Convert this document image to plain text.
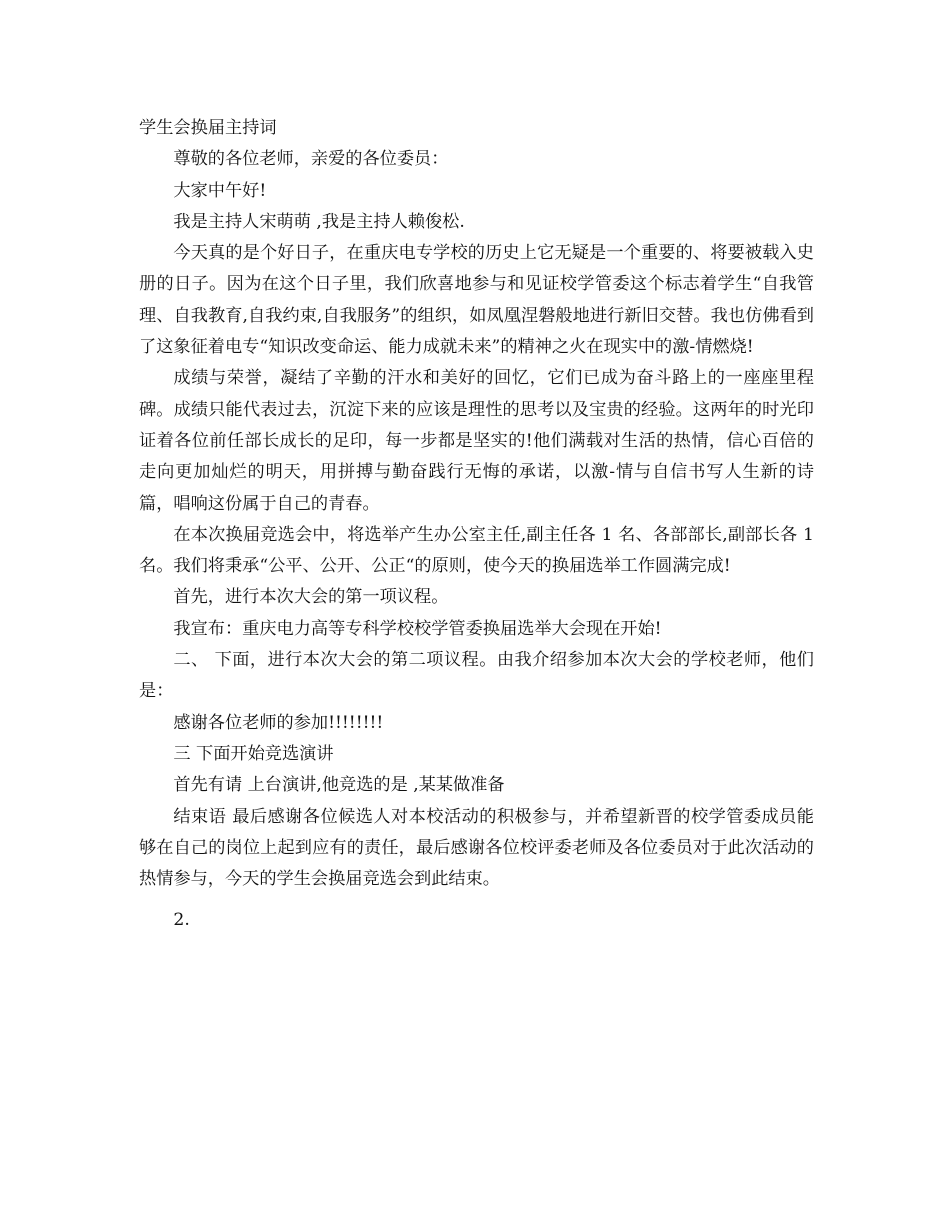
学生会换届主持词

尊敬的各位老师，亲爱的各位委员：

大家中午好!

我是主持人宋萌萌 ,我是主持人赖俊松.

今天真的是个好日子，在重庆电专学校的历史上它无疑是一个重要的、将要被载入史册的日子。因为在这个日子里，我们欣喜地参与和见证校学管委这个标志着学生“自我管理、自我教育,自我约束,自我服务”的组织，如凤凰涅磐般地进行新旧交替。我也仿佛看到了这象征着电专“知识改变命运、能力成就未来”的精神之火在现实中的激-情燃烧!

成绩与荣誉，凝结了辛勤的汗水和美好的回忆，它们已成为奋斗路上的一座座里程碑。成绩只能代表过去，沉淀下来的应该是理性的思考以及宝贵的经验。这两年的时光印证着各位前任部长成长的足印，每一步都是坚实的!他们满载对生活的热情，信心百倍的走向更加灿烂的明天，用拼搏与勤奋践行无悔的承诺，以激-情与自信书写人生新的诗篇，唱响这份属于自己的青春。

在本次换届竞选会中，将选举产生办公室主任,副主任各 1 名、各部部长,副部长各 1 名。我们将秉承“公平、公开、公正“的原则，使今天的换届选举工作圆满完成!

首先，进行本次大会的第一项议程。

我宣布：重庆电力高等专科学校校学管委换届选举大会现在开始!

二、 下面，进行本次大会的第二项议程。由我介绍参加本次大会的学校老师，他们是：

感谢各位老师的参加!!!!!!!!

三 下面开始竞选演讲

首先有请 上台演讲,他竞选的是 ,某某做准备

结束语 最后感谢各位候选人对本校活动的积极参与，并希望新晋的校学管委成员能够在自己的岗位上起到应有的责任，最后感谢各位校评委老师及各位委员对于此次活动的热情参与，今天的学生会换届竞选会到此结束。

2.
